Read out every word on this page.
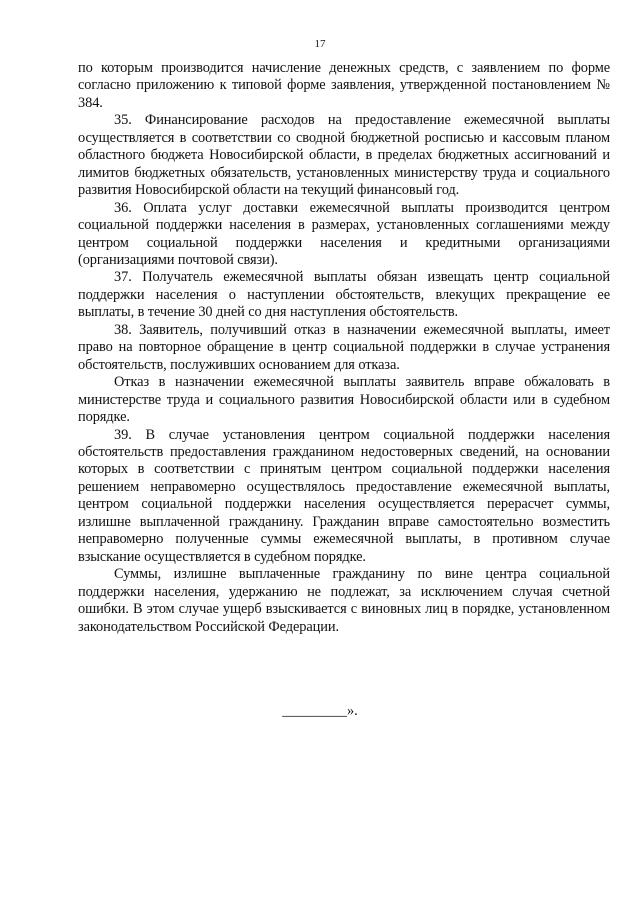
17

по которым производится начисление денежных средств, с заявлением по форме согласно приложению к типовой форме заявления, утвержденной постановлением № 384.

35. Финансирование расходов на предоставление ежемесячной выплаты осуществляется в соответствии со сводной бюджетной росписью и кассовым планом областного бюджета Новосибирской области, в пределах бюджетных ассигнований и лимитов бюджетных обязательств, установленных министерству труда и социального развития Новосибирской области на текущий финансовый год.

36. Оплата услуг доставки ежемесячной выплаты производится центром социальной поддержки населения в размерах, установленных соглашениями между центром социальной поддержки населения и кредитными организациями (организациями почтовой связи).

37. Получатель ежемесячной выплаты обязан извещать центр социальной поддержки населения о наступлении обстоятельств, влекущих прекращение ее выплаты, в течение 30 дней со дня наступления обстоятельств.

38. Заявитель, получивший отказ в назначении ежемесячной выплаты, имеет право на повторное обращение в центр социальной поддержки в случае устранения обстоятельств, послуживших основанием для отказа.

Отказ в назначении ежемесячной выплаты заявитель вправе обжаловать в министерстве труда и социального развития Новосибирской области или в судебном порядке.

39. В случае установления центром социальной поддержки населения обстоятельств предоставления гражданином недостоверных сведений, на основании которых в соответствии с принятым центром социальной поддержки населения решением неправомерно осуществлялось предоставление ежемесячной выплаты, центром социальной поддержки населения осуществляется перерасчет суммы, излишне выплаченной гражданину. Гражданин вправе самостоятельно возместить неправомерно полученные суммы ежемесячной выплаты, в противном случае взыскание осуществляется в судебном порядке.

Суммы, излишне выплаченные гражданину по вине центра социальной поддержки населения, удержанию не подлежат, за исключением случая счетной ошибки. В этом случае ущерб взыскивается с виновных лиц в порядке, установленном законодательством Российской Федерации.

_________».
